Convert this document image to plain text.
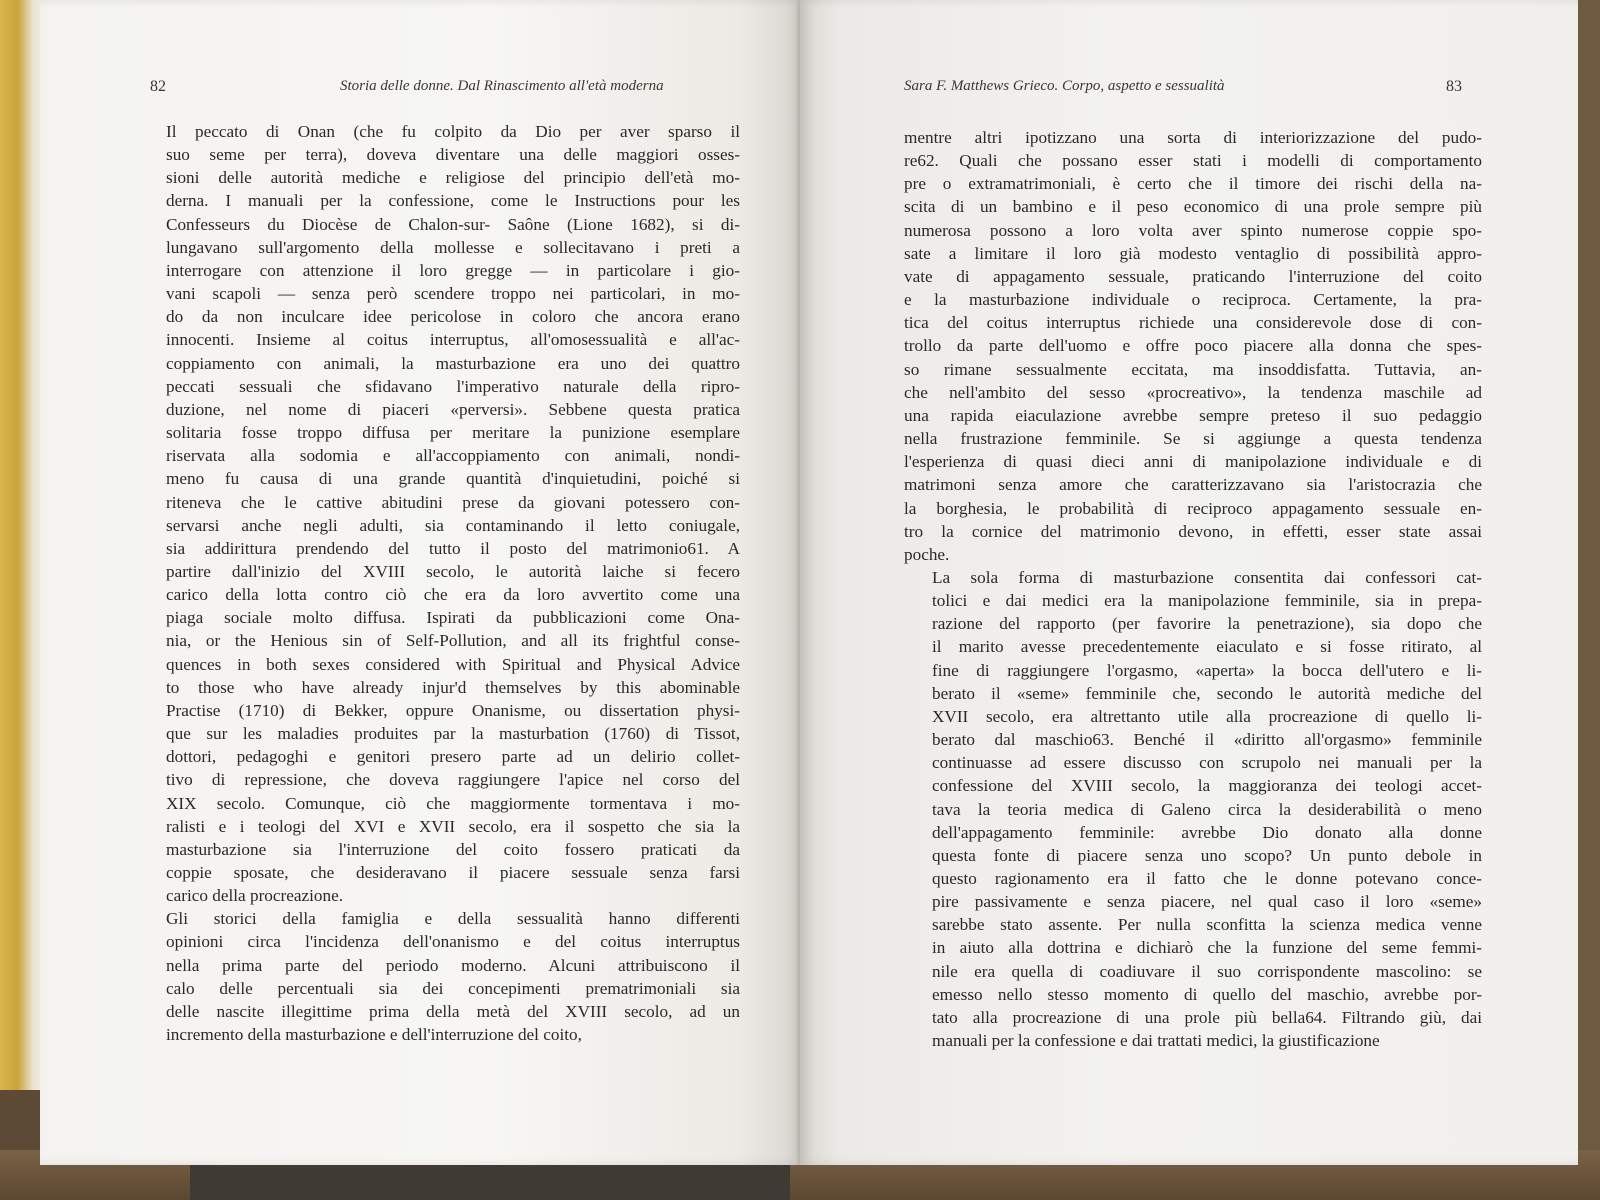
82	Storia delle donne. Dal Rinascimento all'età moderna

Il peccato di Onan (che fu colpito da Dio per aver sparso il
suo seme per terra), doveva diventare una delle maggiori osses-
sioni delle autorità mediche e religiose del principio dell'età mo-
derna. I manuali per la confessione, come le Instructions pour les
Confesseurs du Diocèse de Chalon-sur- Saône (Lione 1682), si di-
lungavano sull'argomento della mollesse e sollecitavano i preti a
interrogare con attenzione il loro gregge — in particolare i gio-
vani scapoli — senza però scendere troppo nei particolari, in mo-
do da non inculcare idee pericolose in coloro che ancora erano
innocenti. Insieme al coitus interruptus, all'omosessualità e all'ac-
coppiamento con animali, la masturbazione era uno dei quattro
peccati sessuali che sfidavano l'imperativo naturale della ripro-
duzione, nel nome di piaceri «perversi». Sebbene questa pratica
solitaria fosse troppo diffusa per meritare la punizione esemplare
riservata alla sodomia e all'accoppiamento con animali, nondi-
meno fu causa di una grande quantità d'inquietudini, poiché si
riteneva che le cattive abitudini prese da giovani potessero con-
servarsi anche negli adulti, sia contaminando il letto coniugale,
sia addirittura prendendo del tutto il posto del matrimonio61. A
partire dall'inizio del XVIII secolo, le autorità laiche si fecero
carico della lotta contro ciò che era da loro avvertito come una
piaga sociale molto diffusa. Ispirati da pubblicazioni come Ona-
nia, or the Henious sin of Self-Pollution, and all its frightful conse-
quences in both sexes considered with Spiritual and Physical Advice
to those who have already injur'd themselves by this abominable
Practise (1710) di Bekker, oppure Onanisme, ou dissertation physi-
que sur les maladies produites par la masturbation (1760) di Tissot,
dottori, pedagoghi e genitori presero parte ad un delirio collet-
tivo di repressione, che doveva raggiungere l'apice nel corso del
XIX secolo. Comunque, ciò che maggiormente tormentava i mo-
ralisti e i teologi del XVI e XVII secolo, era il sospetto che sia la
masturbazione sia l'interruzione del coito fossero praticati da
coppie sposate, che desideravano il piacere sessuale senza farsi
carico della procreazione.

Gli storici della famiglia e della sessualità hanno differenti
opinioni circa l'incidenza dell'onanismo e del coitus interruptus
nella prima parte del periodo moderno. Alcuni attribuiscono il
calo delle percentuali sia dei concepimenti prematrimoniali sia
delle nascite illegittime prima della metà del XVIII secolo, ad un
incremento della masturbazione e dell'interruzione del coito,

Sara F. Matthews Grieco. Corpo, aspetto e sessualità	83

mentre altri ipotizzano una sorta di interiorizzazione del pudo-
re62. Quali che possano esser stati i modelli di comportamento
pre o extramatrimoniali, è certo che il timore dei rischi della na-
scita di un bambino e il peso economico di una prole sempre più
numerosa possono a loro volta aver spinto numerose coppie spo-
sate a limitare il loro già modesto ventaglio di possibilità appro-
vate di appagamento sessuale, praticando l'interruzione del coito
e la masturbazione individuale o reciproca. Certamente, la pra-
tica del coitus interruptus richiede una considerevole dose di con-
trollo da parte dell'uomo e offre poco piacere alla donna che spes-
so rimane sessualmente eccitata, ma insoddisfatta. Tuttavia, an-
che nell'ambito del sesso «procreativo», la tendenza maschile ad
una rapida eiaculazione avrebbe sempre preteso il suo pedaggio
nella frustrazione femminile. Se si aggiunge a questa tendenza
l'esperienza di quasi dieci anni di manipolazione individuale e di
matrimoni senza amore che caratterizzavano sia l'aristocrazia che
la borghesia, le probabilità di reciproco appagamento sessuale en-
tro la cornice del matrimonio devono, in effetti, esser state assai
poche.

La sola forma di masturbazione consentita dai confessori cat-
tolici e dai medici era la manipolazione femminile, sia in prepa-
razione del rapporto (per favorire la penetrazione), sia dopo che
il marito avesse precedentemente eiaculato e si fosse ritirato, al
fine di raggiungere l'orgasmo, «aperta» la bocca dell'utero e li-
berato il «seme» femminile che, secondo le autorità mediche del
XVII secolo, era altrettanto utile alla procreazione di quello li-
berato dal maschio63. Benché il «diritto all'orgasmo» femminile
continuasse ad essere discusso con scrupolo nei manuali per la
confessione del XVIII secolo, la maggioranza dei teologi accet-
tava la teoria medica di Galeno circa la desiderabilità o meno
dell'appagamento femminile: avrebbe Dio donato alla donne
questa fonte di piacere senza uno scopo? Un punto debole in
questo ragionamento era il fatto che le donne potevano conce-
pire passivamente e senza piacere, nel qual caso il loro «seme»
sarebbe stato assente. Per nulla sconfitta la scienza medica venne
in aiuto alla dottrina e dichiarò che la funzione del seme femmi-
nile era quella di coadiuvare il suo corrispondente mascolino: se
emesso nello stesso momento di quello del maschio, avrebbe por-
tato alla procreazione di una prole più bella64. Filtrando giù, dai
manuali per la confessione e dai trattati medici, la giustificazione
